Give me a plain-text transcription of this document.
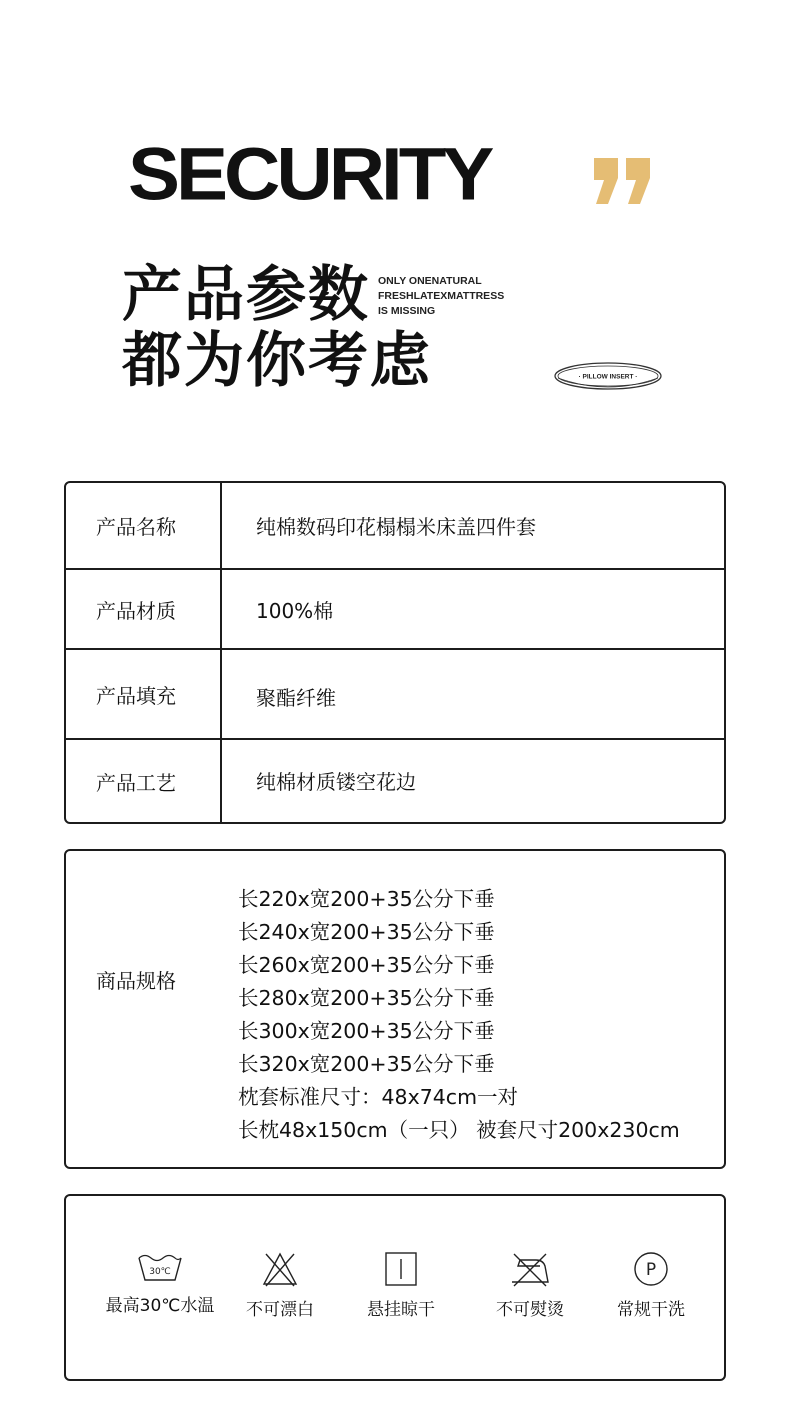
SECURITY
产品参数
都为你考虑
ONLY ONENATURAL
FRESHLATEXMATTRESS
IS MISSING
· PILLOW INSERT ·
产品名称	纯棉数码印花榻榻米床盖四件套
产品材质	100%棉
产品填充	聚酯纤维
产品工艺	纯棉材质镂空花边
商品规格
长220x宽200+35公分下垂
长240x宽200+35公分下垂
长260x宽200+35公分下垂
长280x宽200+35公分下垂
长300x宽200+35公分下垂
长320x宽200+35公分下垂
枕套标准尺寸：48x74cm一对
长枕48x150cm（一只） 被套尺寸200x230cm
30℃
最高30℃水温	不可漂白	悬挂晾干	不可熨烫
P
常规干洗
